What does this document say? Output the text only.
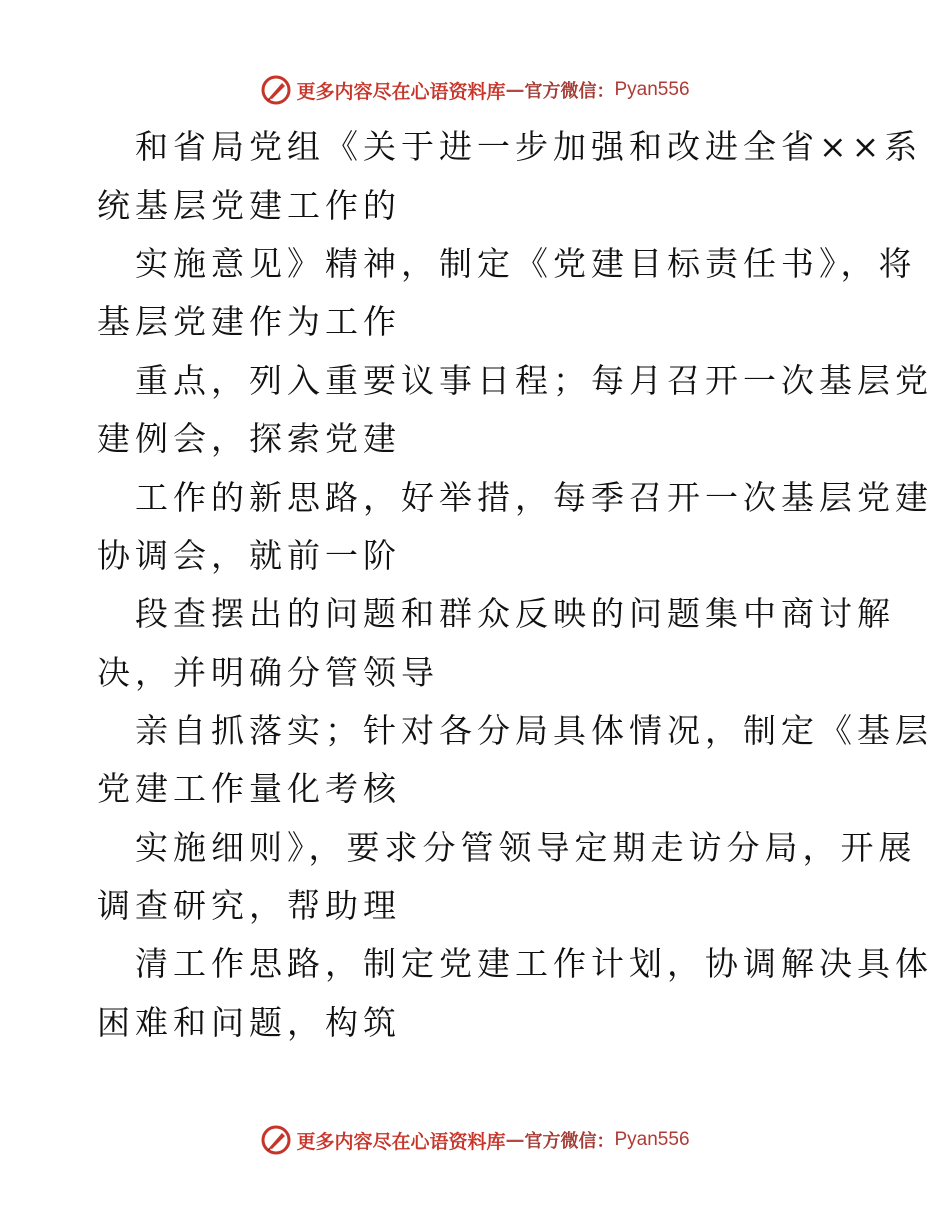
更多内容尽在心语资料库 — 官方微信： Pyan556
和省局党组《关于进一步加强和改进全省××系
统基层党建工作的
实施意见》精神，制定《党建目标责任书》，将
基层党建作为工作
重点，列入重要议事日程；每月召开一次基层党
建例会，探索党建
工作的新思路，好举措，每季召开一次基层党建
协调会，就前一阶
段查摆出的问题和群众反映的问题集中商讨解
决，并明确分管领导
亲自抓落实；针对各分局具体情况，制定《基层
党建工作量化考核
实施细则》，要求分管领导定期走访分局，开展
调查研究，帮助理
清工作思路，制定党建工作计划，协调解决具体
困难和问题，构筑
更多内容尽在心语资料库 — 官方微信： Pyan556
